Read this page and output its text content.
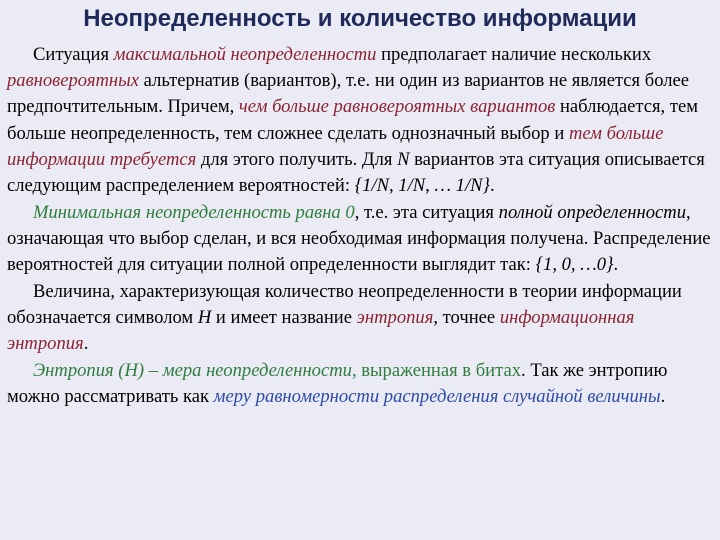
Неопределенность и количество информации

Ситуация максимальной неопределенности предполагает наличие нескольких равновероятных альтернатив (вариантов), т.е. ни один из вариантов не является более предпочтительным. Причем, чем больше равновероятных вариантов наблюдается, тем больше неопределенность, тем сложнее сделать однозначный выбор и тем больше информации требуется для этого получить. Для N вариантов эта ситуация описывается следующим распределением вероятностей: {1/N, 1/N, … 1/N}.

Минимальная неопределенность равна 0, т.е. эта ситуация полной определенности, означающая что выбор сделан, и вся необходимая информация получена. Распределение вероятностей для ситуации полной определенности выглядит так: {1, 0, …0}.

Величина, характеризующая количество неопределенности в теории информации обозначается символом H и имеет название энтропия, точнее информационная энтропия.

Энтропия (H) – мера неопределенности, выраженная в битах. Так же энтропию можно рассматривать как меру равномерности распределения случайной величины.
